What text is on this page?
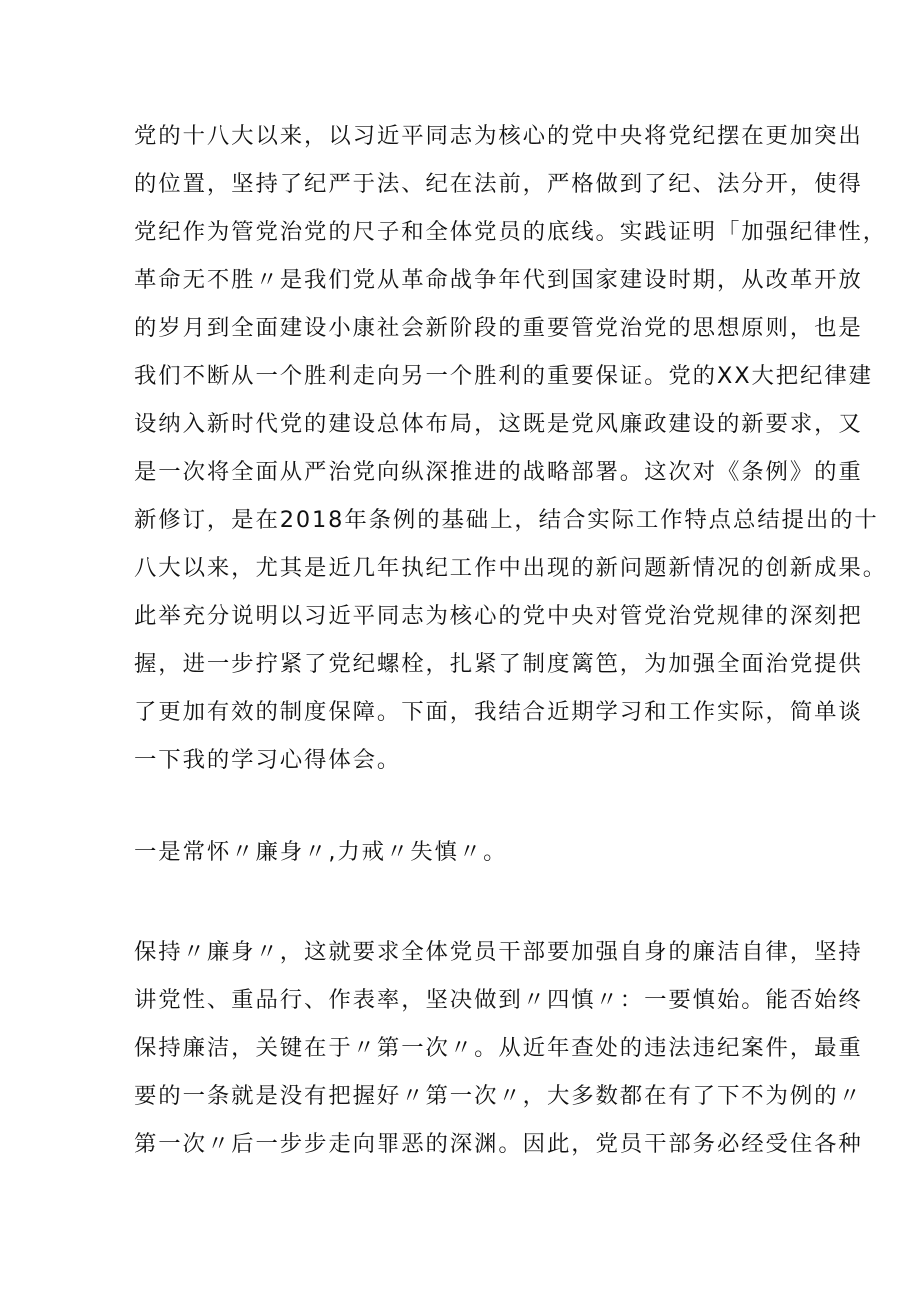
党的十八大以来，以习近平同志为核心的党中央将党纪摆在更加突出
的位置，坚持了纪严于法、纪在法前，严格做到了纪、法分开，使得
党纪作为管党治党的尺子和全体党员的底线。实践证明「加强纪律性，
革命无不胜〃是我们党从革命战争年代到国家建设时期，从改革开放
的岁月到全面建设小康社会新阶段的重要管党治党的思想原则，也是
我们不断从一个胜利走向另一个胜利的重要保证。党的XX大把纪律建
设纳入新时代党的建设总体布局，这既是党风廉政建设的新要求，又
是一次将全面从严治党向纵深推进的战略部署。这次对《条例》的重
新修订，是在2018年条例的基础上，结合实际工作特点总结提出的十
八大以来，尤其是近几年执纪工作中出现的新问题新情况的创新成果。
此举充分说明以习近平同志为核心的党中央对管党治党规律的深刻把
握，进一步拧紧了党纪螺栓，扎紧了制度篱笆，为加强全面治党提供
了更加有效的制度保障。下面，我结合近期学习和工作实际，简单谈
一下我的学习心得体会。
一是常怀〃廉身〃,力戒〃失慎〃。
保持〃廉身〃，这就要求全体党员干部要加强自身的廉洁自律，坚持
讲党性、重品行、作表率，坚决做到〃四慎〃：一要慎始。能否始终
保持廉洁，关键在于〃第一次〃。从近年查处的违法违纪案件，最重
要的一条就是没有把握好〃第一次〃，大多数都在有了下不为例的〃
第一次〃后一步步走向罪恶的深渊。因此，党员干部务必经受住各种
